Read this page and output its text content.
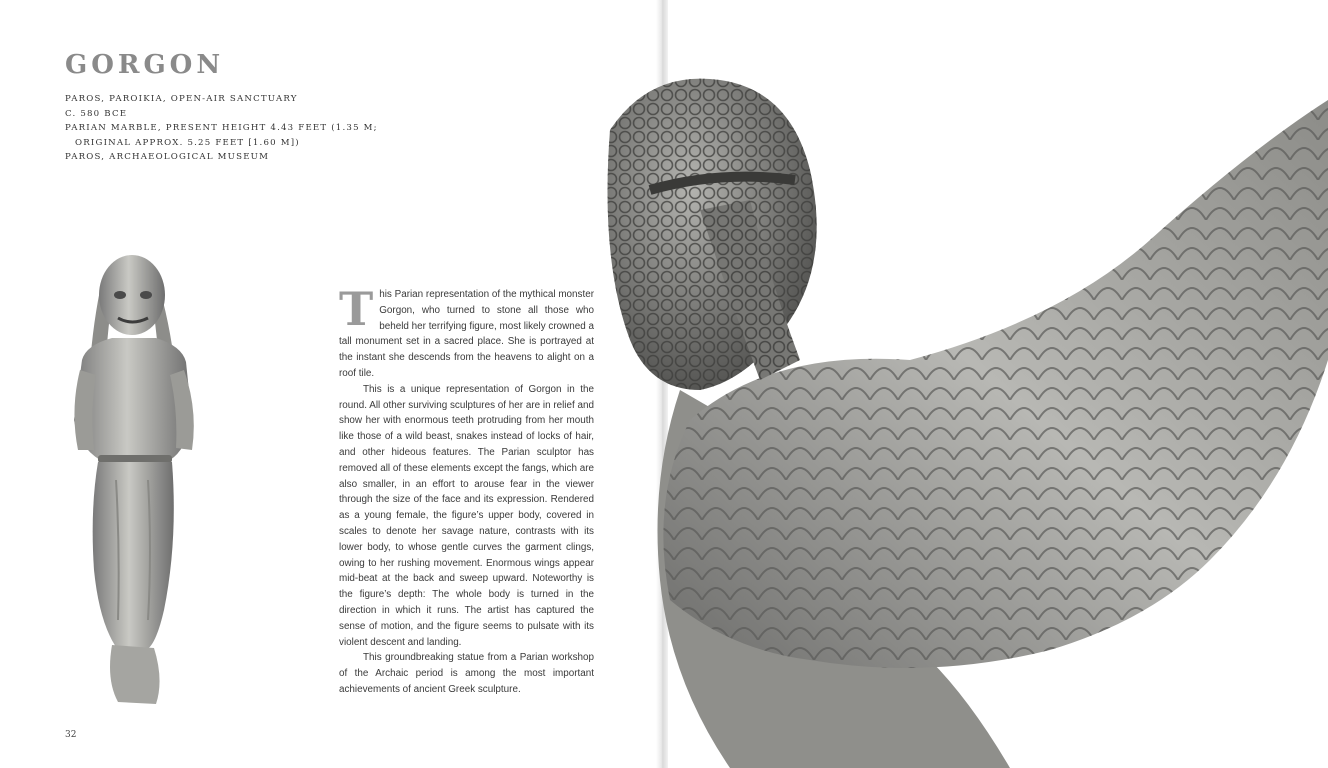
GORGON
PAROS, PAROIKIA, OPEN-AIR SANCTUARY
C. 580 BCE
PARIAN MARBLE, PRESENT HEIGHT 4.43 FEET (1.35 M;
ORIGINAL APPROX. 5.25 FEET [1.60 M])
PAROS, ARCHAEOLOGICAL MUSEUM

This Parian representation of the mythical monster Gorgon, who turned to stone all those who beheld her terrifying figure, most likely crowned a tall monument set in a sacred place. She is portrayed at the instant she descends from the heavens to alight on a roof tile.

This is a unique representation of Gorgon in the round. All other surviving sculptures of her are in relief and show her with enormous teeth protruding from her mouth like those of a wild beast, snakes instead of locks of hair, and other hideous features. The Parian sculptor has removed all of these elements except the fangs, which are also smaller, in an effort to arouse fear in the viewer through the size of the face and its expression. Rendered as a young female, the figure’s upper body, covered in scales to denote her savage nature, contrasts with its lower body, to whose gentle curves the garment clings, owing to her rushing movement. Enormous wings appear mid-beat at the back and sweep upward. Noteworthy is the figure’s depth: The whole body is turned in the direction in which it runs. The artist has captured the sense of motion, and the figure seems to pulsate with its violent descent and landing.

This groundbreaking statue from a Parian workshop of the Archaic period is among the most important achievements of ancient Greek sculpture.

32
